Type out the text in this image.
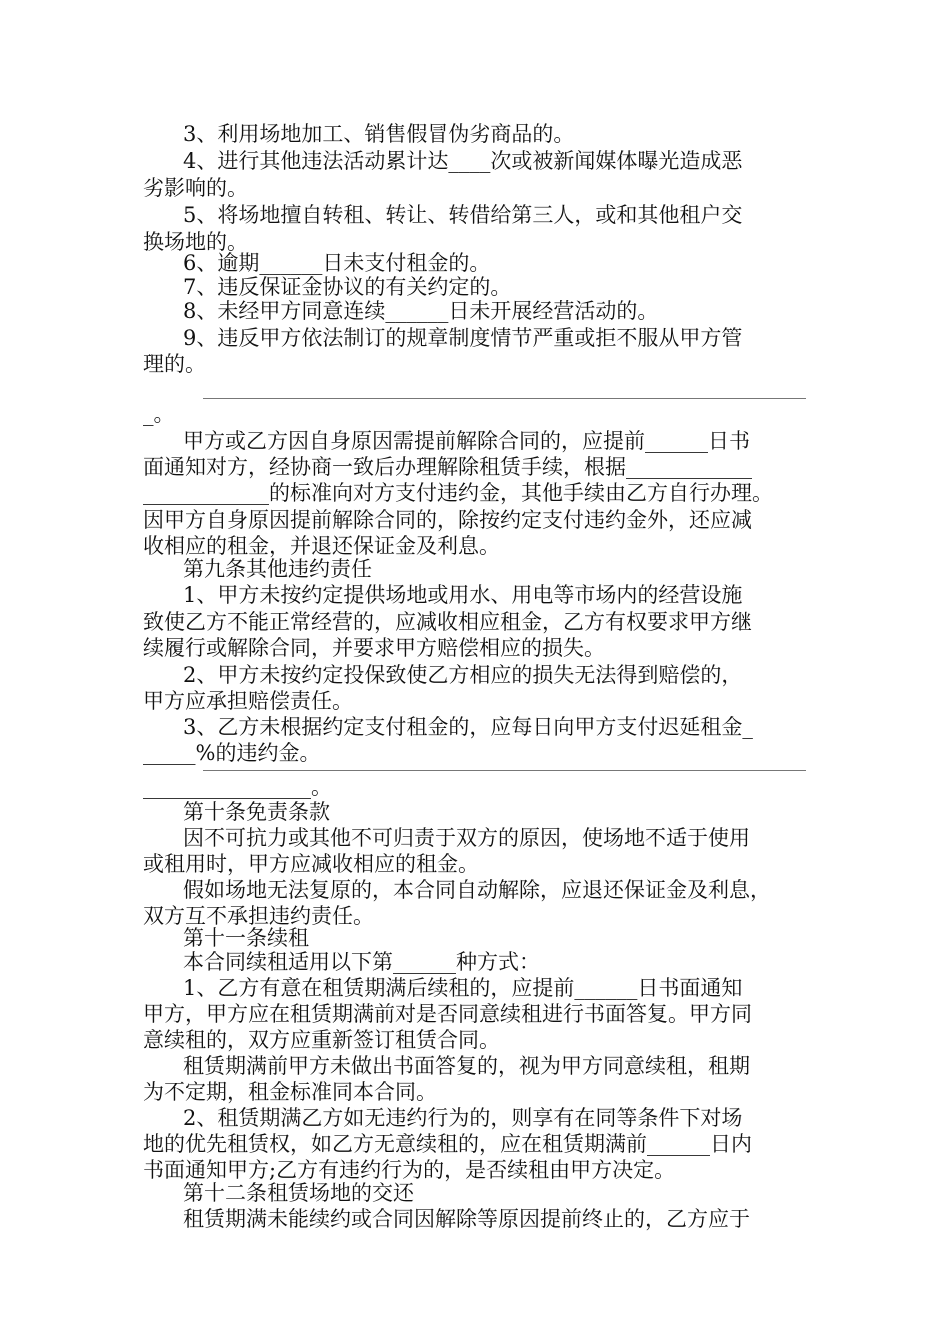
3、利用场地加工、销售假冒伪劣商品的。
4、进行其他违法活动累计达____次或被新闻媒体曝光造成恶
劣影响的。
5、将场地擅自转租、转让、转借给第三人，或和其他租户交
换场地的。
6、逾期______日未支付租金的。
7、违反保证金协议的有关约定的。
8、未经甲方同意连续______日未开展经营活动的。
9、违反甲方依法制订的规章制度情节严重或拒不服从甲方管
理的。
_。
甲方或乙方因自身原因需提前解除合同的，应提前______日书
面通知对方，经协商一致后办理解除租赁手续，根据____________
____________的标准向对方支付违约金，其他手续由乙方自行办理。
因甲方自身原因提前解除合同的，除按约定支付违约金外，还应减
收相应的租金，并退还保证金及利息。
第九条其他违约责任
1、甲方未按约定提供场地或用水、用电等市场内的经营设施
致使乙方不能正常经营的，应减收相应租金，乙方有权要求甲方继
续履行或解除合同，并要求甲方赔偿相应的损失。
2、甲方未按约定投保致使乙方相应的损失无法得到赔偿的，
甲方应承担赔偿责任。
3、乙方未根据约定支付租金的，应每日向甲方支付迟延租金_
_____%的违约金。
________________。
第十条免责条款
因不可抗力或其他不可归责于双方的原因，使场地不适于使用
或租用时，甲方应减收相应的租金。
假如场地无法复原的，本合同自动解除，应退还保证金及利息，
双方互不承担违约责任。
第十一条续租
本合同续租适用以下第______种方式：
1、乙方有意在租赁期满后续租的，应提前______日书面通知
甲方，甲方应在租赁期满前对是否同意续租进行书面答复。甲方同
意续租的，双方应重新签订租赁合同。
租赁期满前甲方未做出书面答复的，视为甲方同意续租，租期
为不定期，租金标准同本合同。
2、租赁期满乙方如无违约行为的，则享有在同等条件下对场
地的优先租赁权，如乙方无意续租的，应在租赁期满前______日内
书面通知甲方;乙方有违约行为的，是否续租由甲方决定。
第十二条租赁场地的交还
租赁期满未能续约或合同因解除等原因提前终止的，乙方应于
